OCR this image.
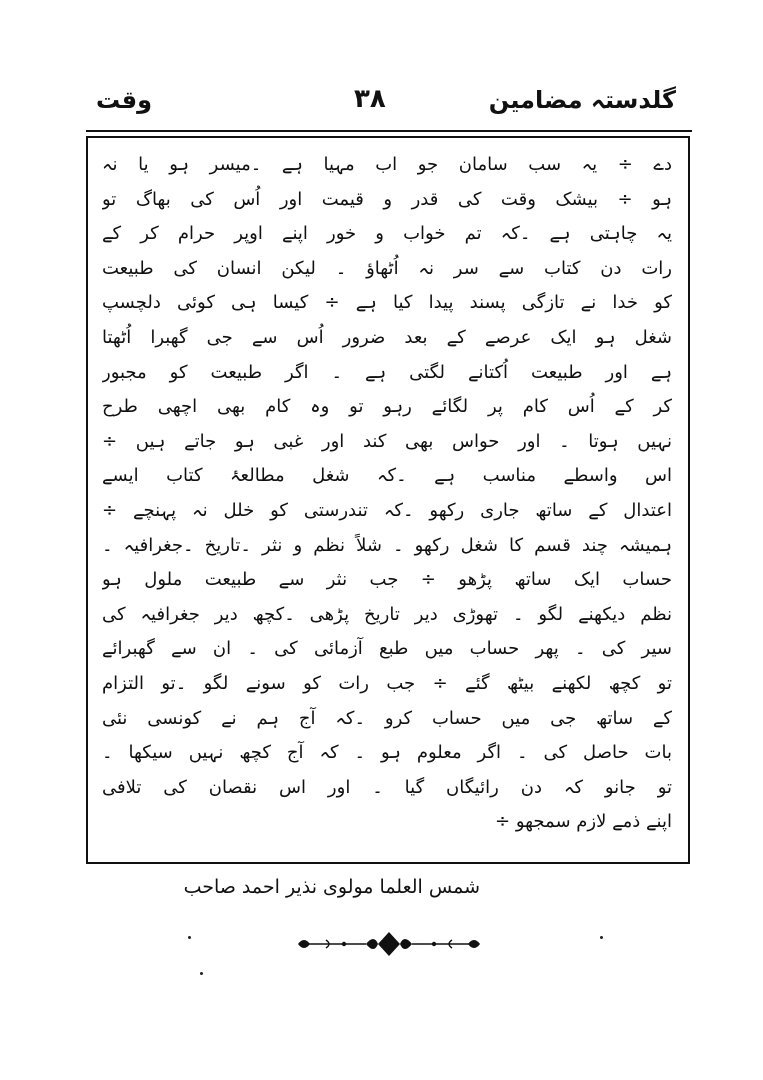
گلدستہ مضامین
۳۸
وقت
دے ÷ یہ سب سامان جو اب مہیا ہے ۔میسر ہو یا نہ
ہو ÷ بیشک وقت کی قدر و قیمت اور اُس کی بھاگ تو
یہ چاہتی ہے ۔کہ تم خواب و خور اپنے اوپر حرام کر کے
رات دن کتاب سے سر نہ اُٹھاؤ ۔ لیکن انسان کی طبیعت
کو خدا نے تازگی پسند پیدا کیا ہے ÷ کیسا ہی کوئی دلچسپ
شغل ہو ایک عرصے کے بعد ضرور اُس سے جی گھبرا اُٹھتا
ہے اور طبیعت اُکتانے لگتی ہے ۔ اگر طبیعت کو مجبور
کر کے اُس کام پر لگائے رہو تو وہ کام بھی اچھی طرح
نہیں ہوتا ۔ اور حواس بھی کند اور غبی ہو جاتے ہیں ÷
اس واسطے مناسب ہے ۔کہ شغل مطالعۂ کتاب ایسے
اعتدال کے ساتھ جاری رکھو ۔کہ تندرستی کو خلل نہ پہنچے ÷
ہمیشہ چند قسم کا شغل رکھو ۔ شلاً نظم و نثر ۔تاریخ ۔جغرافیہ ۔
حساب ایک ساتھ پڑھو ÷ جب نثر سے طبیعت ملول ہو
نظم دیکھنے لگو ۔ تھوڑی دیر تاریخ پڑھی ۔کچھ دیر جغرافیہ کی
سیر کی ۔ پھر حساب میں طبع آزمائی کی ۔ ان سے گھبرائے
تو کچھ لکھنے بیٹھ گئے ÷ جب رات کو سونے لگو ۔تو التزام
کے ساتھ جی میں حساب کرو ۔کہ آج ہم نے کونسی نئی
بات حاصل کی ۔ اگر معلوم ہو ۔ کہ آج کچھ نہیں سیکھا ۔
تو جانو کہ دن رائیگاں گیا ۔ اور اس نقصان کی تلافی
اپنے ذمے لازم سمجھو ÷
شمس العلما مولوی نذیر احمد صاحب
